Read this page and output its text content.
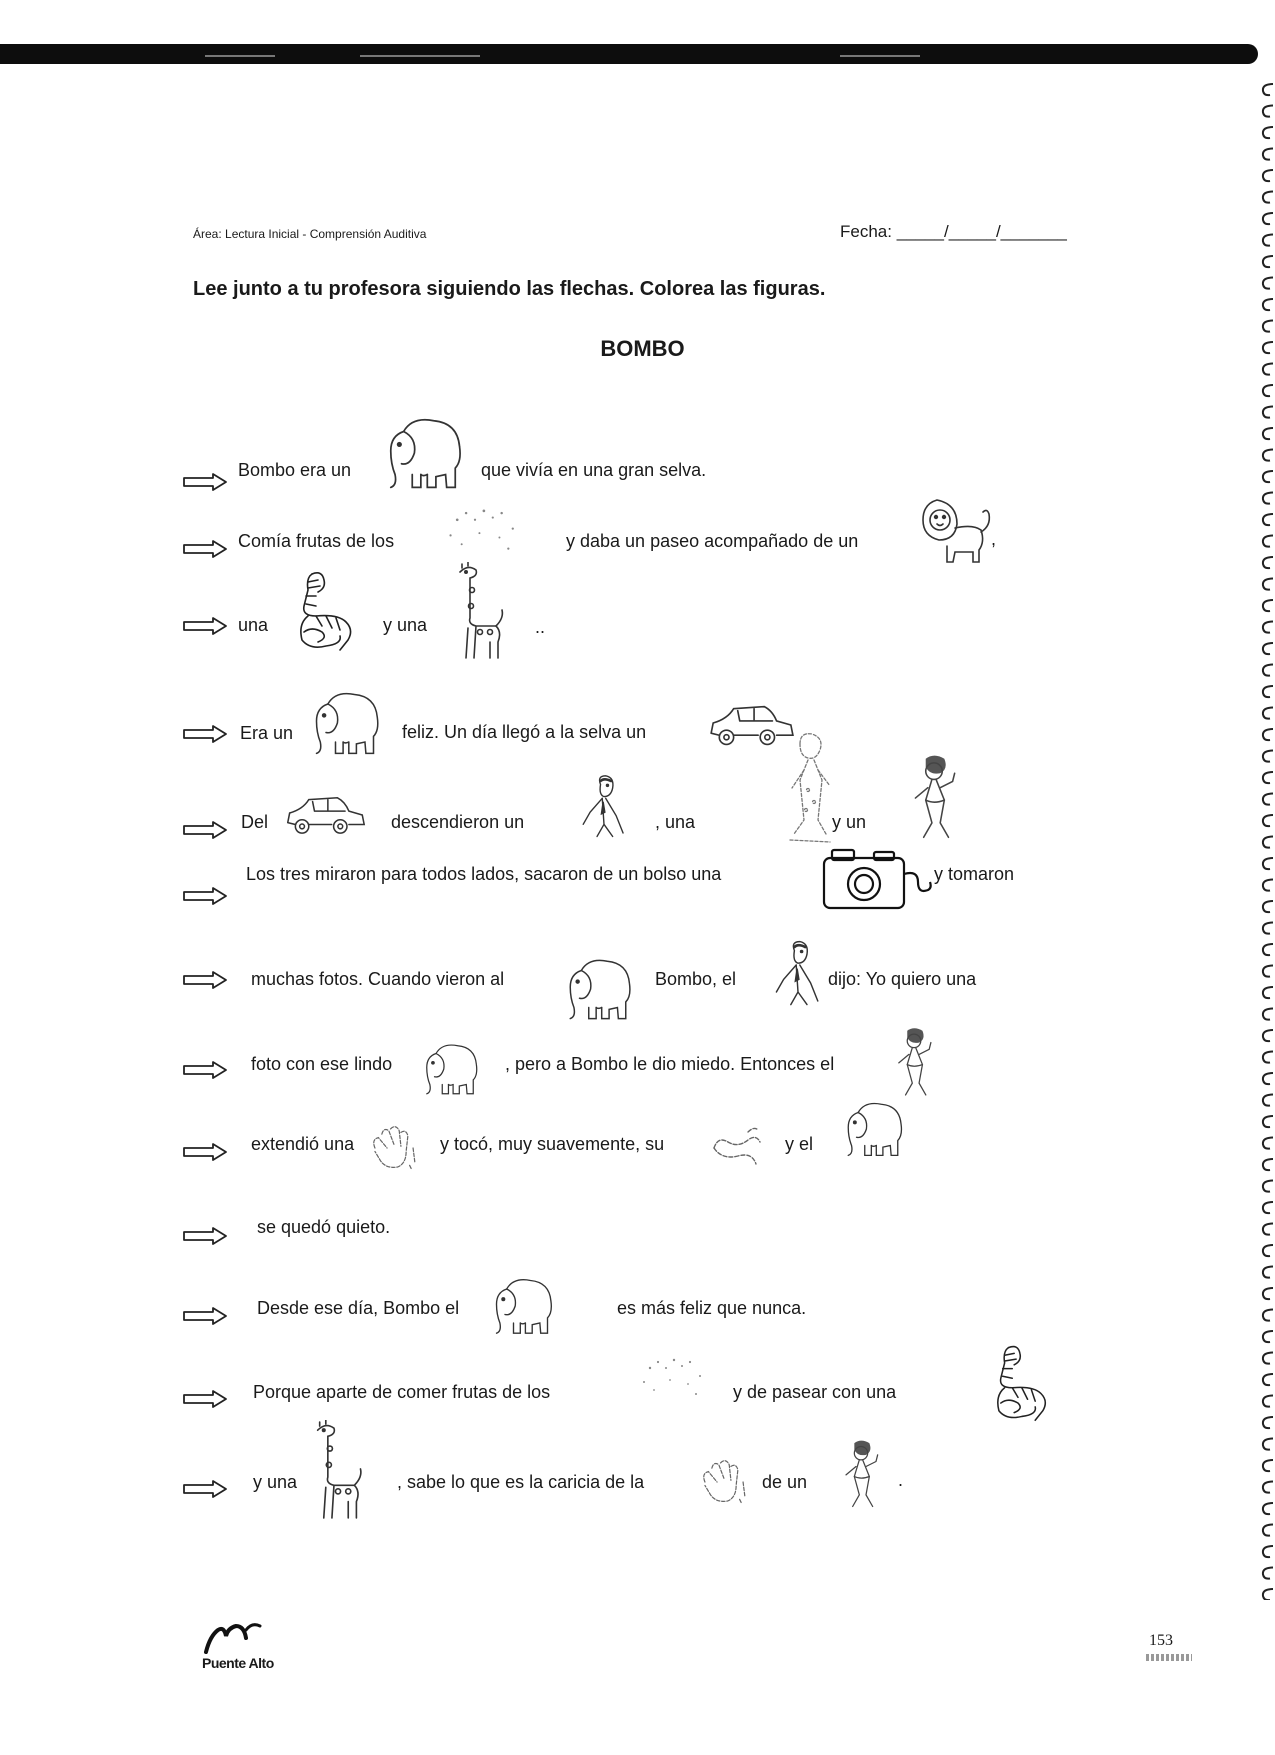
Área: Lectura Inicial - Comprensión Auditiva	Fecha: _____/_____/_______
Lee junto a tu profesora siguiendo las flechas. Colorea las figuras.
BOMBO
Bombo era un	que vivía en una gran selva.
Comía frutas de los	y daba un paseo acompañado de un	,
una	y una	..
Era un	feliz. Un día llegó a la selva un
Del	descendieron un	, una	y un
Los tres miraron para todos lados, sacaron de un bolso una	y tomaron
muchas fotos. Cuando vieron al	Bombo, el	dijo: Yo quiero una
foto con ese lindo	, pero a Bombo le dio miedo. Entonces el
extendió una	y tocó, muy suavemente, su	y el
se quedó quieto.
Desde ese día, Bombo el	es más feliz que nunca.
Porque aparte de comer frutas de los	y de pasear con una
y una	, sabe lo que es la caricia de la	de un	.
Puente Alto
153
